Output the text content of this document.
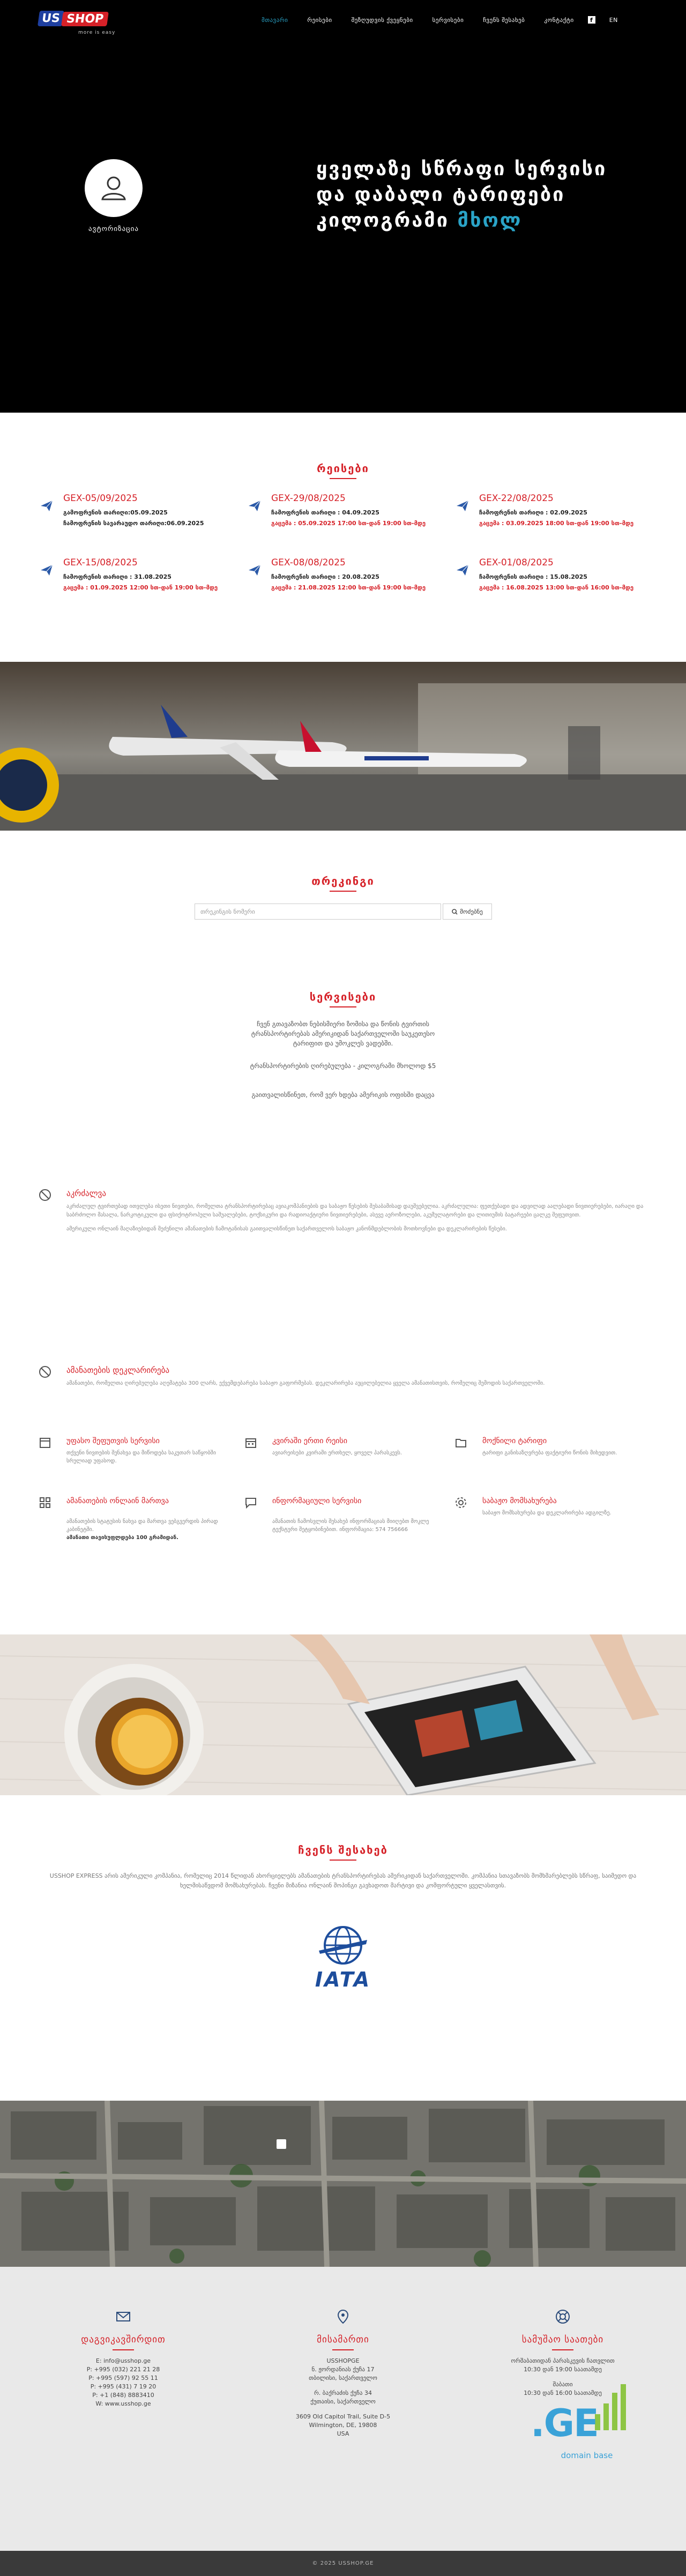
US SHOP
more is easy
მთავარი	რეისები	შეზღუდვის ქვეყნები	სერვისები	ჩვენს შესახებ	კონტაქტი	f	EN
ავტორიზაცია
ყველაზე სწრაფი სერვისი
და დაბალი ტარიფები
კილოგრამი მხოლ
რეისები
GEX-05/09/2025
გამოფრენის თარიღი:05.09.2025
ჩამოფრენის სავარაუდო თარიღი:06.09.2025
GEX-29/08/2025
ჩამოფრენის თარიღი : 04.09.2025
გაცემა : 05.09.2025 17:00 სთ-დან 19:00 სთ-მდე
GEX-22/08/2025
ჩამოფრენის თარიღი : 02.09.2025
გაცემა : 03.09.2025 18:00 სთ-დან 19:00 სთ-მდე
GEX-15/08/2025
ჩამოფრენის თარიღი : 31.08.2025
გაცემა : 01.09.2025 12:00 სთ-დან 19:00 სთ-მდე
GEX-08/08/2025
ჩამოფრენის თარიღი : 20.08.2025
გაცემა : 21.08.2025 12:00 სთ-დან 19:00 სთ-მდე
GEX-01/08/2025
ჩამოფრენის თარიღი : 15.08.2025
გაცემა : 16.08.2025 13:00 სთ-დან 16:00 სთ-მდე
თრეკინგი
თრეკინგის ნომერი	მოძებნე
სერვისები
ჩვენ გთავაზობთ ნებისმიერი ზომისა და წონის ტვირთის ტრანსპორტირებას ამერიკიდან საქართველოში საუკეთესო ტარიფით და უმოკლეს ვადებში.
ტრანსპორტირების ღირებულება - კილოგრამი მხოლოდ $5
გაითვალისწინეთ, რომ ვერ ხდება ამერიკის ოფისში დაცვა
აკრძალვა

აკრძალულ ტვირთებად ითვლება ისეთი ნივთები, რომელთა ტრანსპორტირებაც ავიაკომპანიების და საბაჟო წესების შესაბამისად დაუშვებელია. აკრძალულია: ფეთქებადი და ადვილად აალებადი ნივთიერებები, იარაღი და საბრძოლო მასალა, ნარკოტიკული და ფსიქოტროპული საშუალებები, ტოქსიკური და რადიოაქტიური ნივთიერებები, ასევე აეროზოლები, აკუმულატორები და ლითიუმის ბატარეები ცალკე შეფუთვით.

ამერიკული ონლაინ მაღაზიებიდან შეძენილი ამანათების ჩამოტანისას გაითვალისწინეთ საქართველოს საბაჟო კანონმდებლობის მოთხოვნები და დეკლარირების წესები.

ამანათების დეკლარირება
ამანათები, რომელთა ღირებულება აღემატება 300 ლარს, ექვემდებარება საბაჟო გაფორმებას. დეკლარირება აუცილებელია ყველა ამანათისთვის, რომელიც შემოდის საქართველოში.
უფასო შეფუთვის სერვისი
თქვენი ნივთების შენახვა და მიწოდება საკუთარ საწყობში სრულიად უფასოდ.
კვირაში ერთი რეისი
ავიარეისები კვირაში ერთხელ, ყოველ პარასკევს.
მოქნილი ტარიფი
ტარიფი განისაზღვრება ფაქტიური წონის მიხედვით.
ამანათების ონლაინ მართვა

ამანათების სტატუსის ნახვა და მართვა ვებგვერდის პირად კაბინეტში.

ამანათი თავისუფლდება 100 გრამიდან.

ინფორმაციული სერვისი
ამანათის ჩამოსვლის შესახებ ინფორმაციას მიიღებთ მოკლე ტექსტური შეტყობინებით. ინფორმაცია: 574 756666
საბაჟო მომსახურება
საბაჟო მომსახურება და დეკლარირება ადგილზე.
ჩვენს შესახებ
USSHOP EXPRESS არის ამერიკული კომპანია, რომელიც 2014 წლიდან ახორციელებს ამანათების ტრანსპორტირებას ამერიკიდან საქართველოში. კომპანია სთავაზობს მომხმარებლებს სწრაფ, საიმედო და ხელმისაწვდომ მომსახურებას. ჩვენი მიზანია ონლაინ შოპინგი გავხადოთ მარტივი და კომფორტული ყველასთვის.
IATA
დაგვიკავშირდით
E: info@usshop.ge
P: +995 (032) 221 21 28
P: +995 (597) 92 55 11
P: +995 (431) 7 19 20
P: +1 (848) 8883410
W: www.usshop.ge
მისამართი
USSHOPGE
ნ. ჟორდანიას ქუჩა 17
თბილისი, საქართველო
რ. ბაქრაძის ქუჩა 34
ქუთაისი, საქართველო
3609 Old Capitol Trail, Suite D-5
Wilmington, DE, 19808
USA
სამუშაო საათები
ორშაბათიდან პარასკევის ჩათვლით
10:30 დან 19:00 საათამდე
შაბათი
10:30 დან 16:00 საათამდე
.GE
domain base
© 2025 USSHOP.GE
